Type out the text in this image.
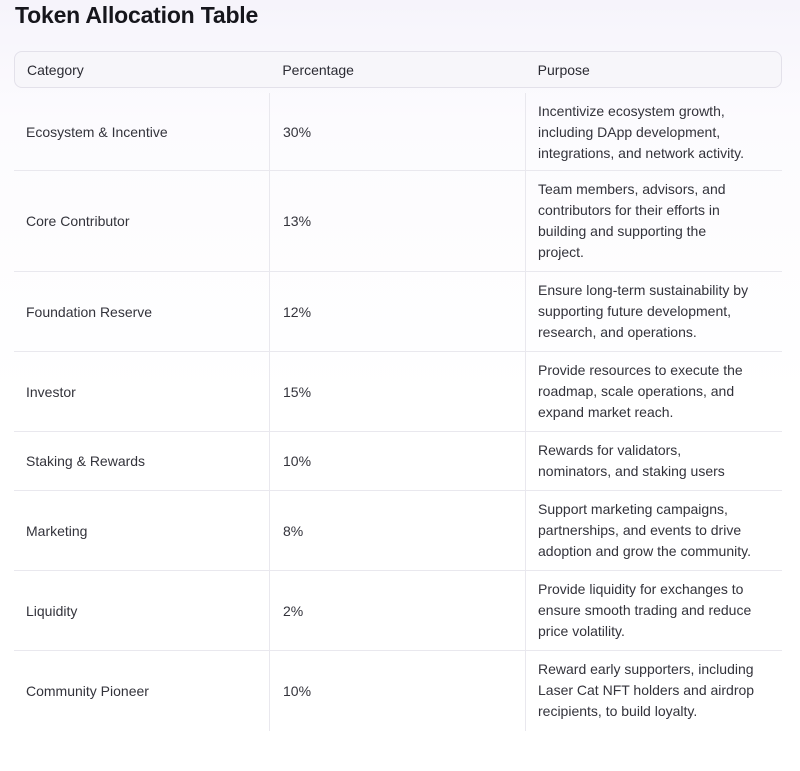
Token Allocation Table
Category	Percentage	Purpose
Ecosystem & Incentive	30%
Incentivize ecosystem growth,
including DApp development,
integrations, and network activity.
Core Contributor	13%
Team members, advisors, and
contributors for their efforts in
building and supporting the
project.
Foundation Reserve	12%
Ensure long-term sustainability by
supporting future development,
research, and operations.
Investor	15%
Provide resources to execute the
roadmap, scale operations, and
expand market reach.
Staking & Rewards	10%
Rewards for validators,
nominators, and staking users
Marketing	8%
Support marketing campaigns,
partnerships, and events to drive
adoption and grow the community.
Liquidity	2%
Provide liquidity for exchanges to
ensure smooth trading and reduce
price volatility.
Community Pioneer	10%
Reward early supporters, including
Laser Cat NFT holders and airdrop
recipients, to build loyalty.
